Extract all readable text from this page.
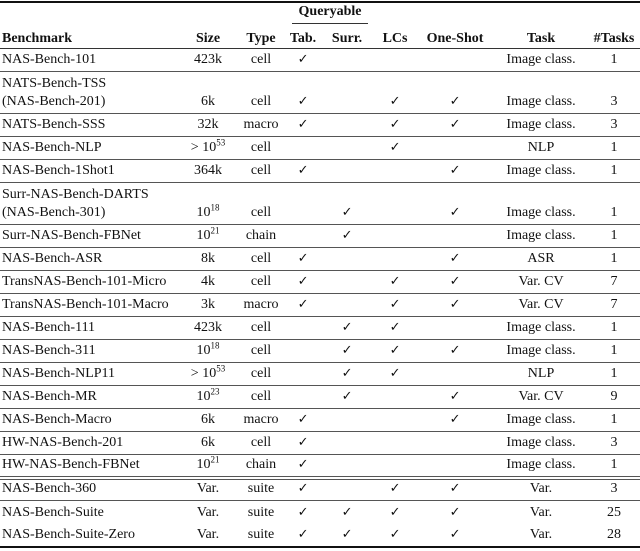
			Queryable					

Benchmark	Size	Type	Tab.	Surr.	LCs	One-Shot	Task	#Tasks
NAS-Bench-101	423k	cell	✓				Image class.	1
NATS-Bench-TSS
(NAS-Bench-201)	6k	cell	✓		✓	✓	Image class.	3
NATS-Bench-SSS	32k	macro	✓		✓	✓	Image class.	3
NAS-Bench-NLP	> $10^{53}$	cell			✓		NLP	1
NAS-Bench-1Shot1	364k	cell	✓			✓	Image class.	1
Surr-NAS-Bench-DARTS
(NAS-Bench-301)	$10^{18}$	cell		✓		✓	Image class.	1
Surr-NAS-Bench-FBNet	$10^{21}$	chain		✓			Image class.	1
NAS-Bench-ASR	8k	cell	✓			✓	ASR	1
TransNAS-Bench-101-Micro	4k	cell	✓		✓	✓	Var. CV	7
TransNAS-Bench-101-Macro	3k	macro	✓		✓	✓	Var. CV	7
NAS-Bench-111	423k	cell		✓	✓		Image class.	1
NAS-Bench-311	$10^{18}$	cell		✓	✓	✓	Image class.	1
NAS-Bench-NLP11	> $10^{53}$	cell		✓	✓		NLP	1
NAS-Bench-MR	$10^{23}$	cell		✓		✓	Var. CV	9
NAS-Bench-Macro	6k	macro	✓			✓	Image class.	1
HW-NAS-Bench-201	6k	cell	✓				Image class.	3
HW-NAS-Bench-FBNet	$10^{21}$	chain	✓				Image class.	1
NAS-Bench-360	Var.	suite	✓		✓	✓	Var.	3
NAS-Bench-Suite	Var.	suite	✓	✓	✓	✓	Var.	25
NAS-Bench-Suite-Zero	Var.	suite	✓	✓	✓	✓	Var.	28
